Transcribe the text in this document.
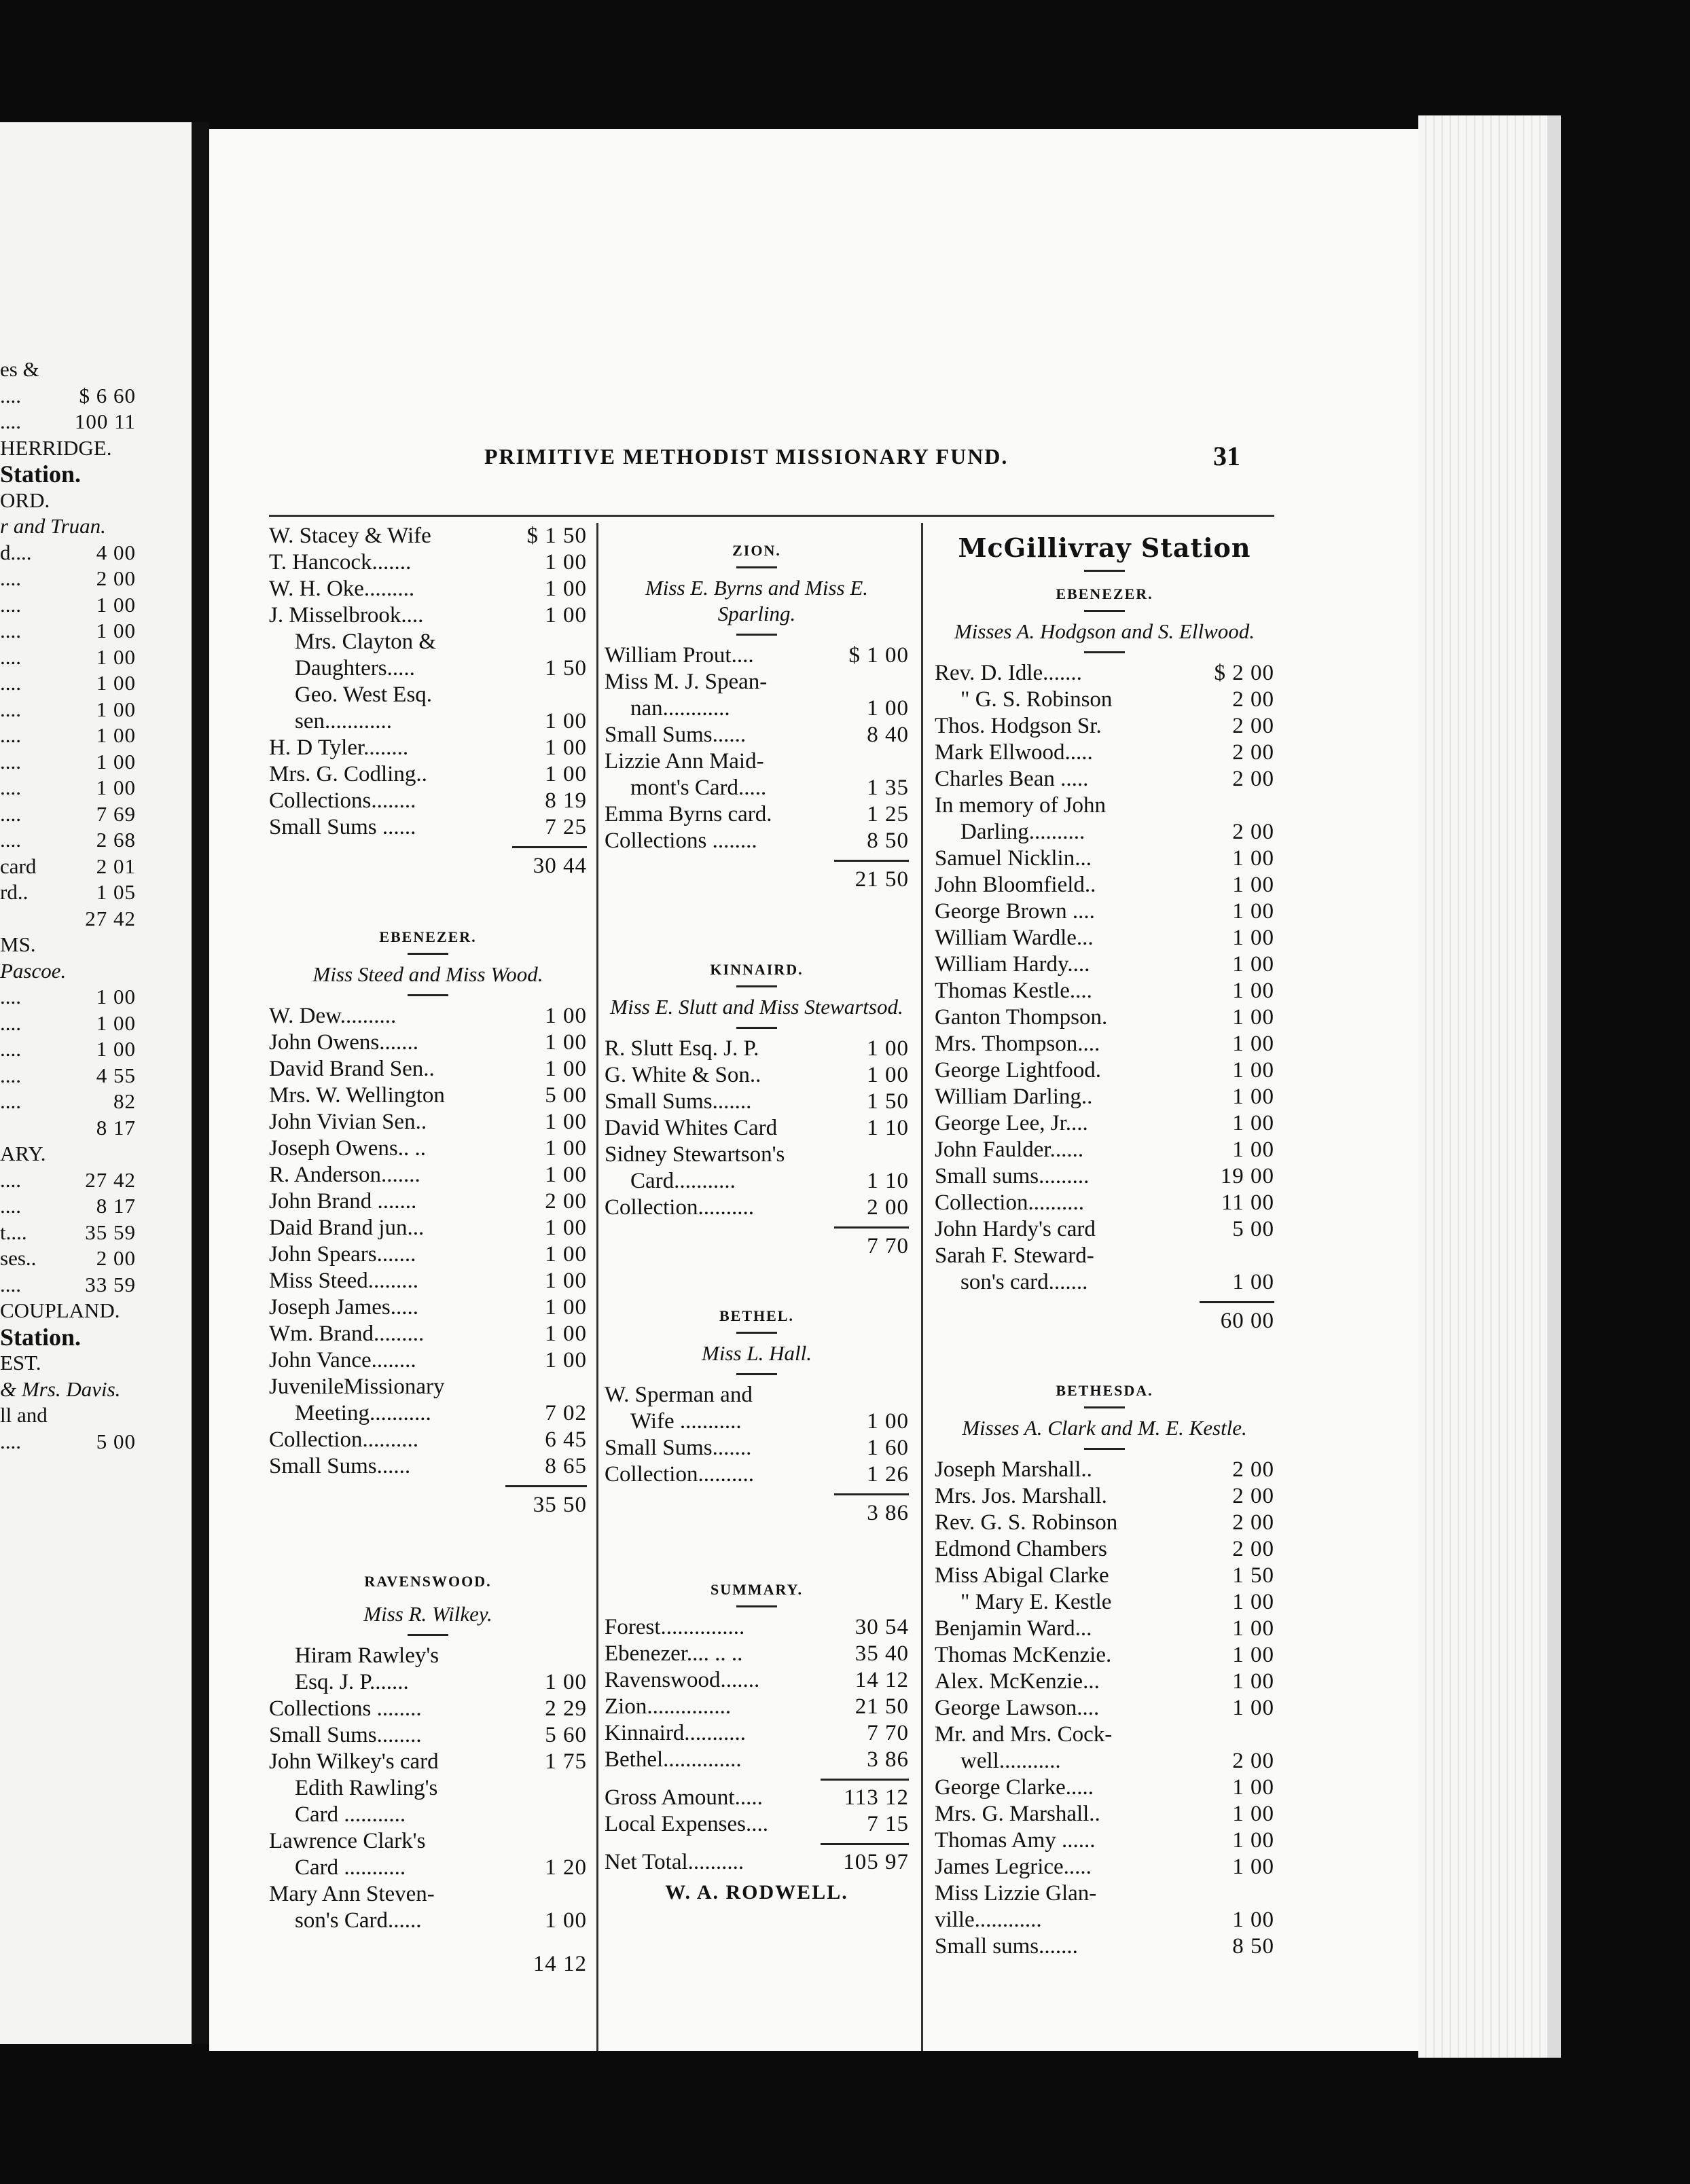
es &
....	$ 6 60
....	100 11
HERRIDGE.
Station.
ORD.
r and Truan.
d....	4 00
....	2 00
....	1 00
....	1 00
....	1 00
....	1 00
....	1 00
....	1 00
....	1 00
....	1 00
....	7 69
....	2 68
card	2 01
rd..	1 05
27 42
MS.
Pascoe.
....	1 00
....	1 00
....	1 00
....	4 55
....	82
8 17
ARY.
....	27 42
....	8 17
t....	35 59
ses..	2 00
....	33 59
COUPLAND.
Station.
EST.
& Mrs. Davis.
ll and
....	5 00
PRIMITIVE METHODIST MISSIONARY FUND.	31
W. Stacey & Wife	$ 1 50
T. Hancock.......	1 00
W. H. Oke.........	1 00
J. Misselbrook....	1 00
Mrs. Clayton &
Daughters.....	1 50
Geo. West Esq.
sen............	1 00
H. D Tyler........	1 00
Mrs. G. Codling..	1 00
Collections........	8 19
Small Sums ......	7 25
30 44
EBENEZER.
Miss Steed and Miss Wood.
W. Dew..........	1 00
John Owens.......	1 00
David Brand Sen..	1 00
Mrs. W. Wellington	5 00
John Vivian Sen..	1 00
Joseph Owens.. ..	1 00
R. Anderson.......	1 00
John Brand .......	2 00
Daid Brand jun...	1 00
John Spears.......	1 00
Miss Steed.........	1 00
Joseph James.....	1 00
Wm. Brand.........	1 00
John Vance........	1 00
JuvenileMissionary
Meeting...........	7 02
Collection..........	6 45
Small Sums......	8 65
35 50
RAVENSWOOD.
Miss R. Wilkey.
Hiram Rawley's
Esq. J. P.......	1 00
Collections ........	2 29
Small Sums........	5 60
John Wilkey's card	1 75
Edith Rawling's
Card ...........
Lawrence Clark's
Card ...........	1 20
Mary Ann Steven-
son's Card......	1 00
14 12
ZION.
Miss E. Byrns and Miss E. Sparling.
William Prout....	$ 1 00
Miss M. J. Spean-
nan............	1 00
Small Sums......	8 40
Lizzie Ann Maid-
mont's Card.....	1 35
Emma Byrns card.	1 25
Collections ........	8 50
21 50
KINNAIRD.
Miss E. Slutt and Miss Stewartsod.
R. Slutt Esq. J. P.	1 00
G. White & Son..	1 00
Small Sums.......	1 50
David Whites Card	1 10
Sidney Stewartson's
Card...........	1 10
Collection..........	2 00
7 70
BETHEL.
Miss L. Hall.
W. Sperman and
Wife ...........	1 00
Small Sums.......	1 60
Collection..........	1 26
3 86
SUMMARY.
Forest...............	30 54
Ebenezer.... .. ..	35 40
Ravenswood.......	14 12
Zion...............	21 50
Kinnaird...........	7 70
Bethel..............	3 86
Gross Amount.....	113 12
Local Expenses....	7 15
Net Total..........	105 97
W. A. RODWELL.
McGillivray Station
EBENEZER.
Misses A. Hodgson and S. Ellwood.
Rev. D. Idle.......	$ 2 00
" G. S. Robinson	2 00
Thos. Hodgson Sr.	2 00
Mark Ellwood.....	2 00
Charles Bean .....	2 00
In memory of John
Darling..........	2 00
Samuel Nicklin...	1 00
John Bloomfield..	1 00
George Brown ....	1 00
William Wardle...	1 00
William Hardy....	1 00
Thomas Kestle....	1 00
Ganton Thompson.	1 00
Mrs. Thompson....	1 00
George Lightfood.	1 00
William Darling..	1 00
George Lee, Jr....	1 00
John Faulder......	1 00
Small sums.........	19 00
Collection..........	11 00
John Hardy's card	5 00
Sarah F. Steward-
son's card.......	1 00
60 00
BETHESDA.
Misses A. Clark and M. E. Kestle.
Joseph Marshall..	2 00
Mrs. Jos. Marshall.	2 00
Rev. G. S. Robinson	2 00
Edmond Chambers	2 00
Miss Abigal Clarke	1 50
" Mary E. Kestle	1 00
Benjamin Ward...	1 00
Thomas McKenzie.	1 00
Alex. McKenzie...	1 00
George Lawson....	1 00
Mr. and Mrs. Cock-
well...........	2 00
George Clarke.....	1 00
Mrs. G. Marshall..	1 00
Thomas Amy ......	1 00
James Legrice.....	1 00
Miss Lizzie Glan-
ville............	1 00
Small sums.......	8 50
